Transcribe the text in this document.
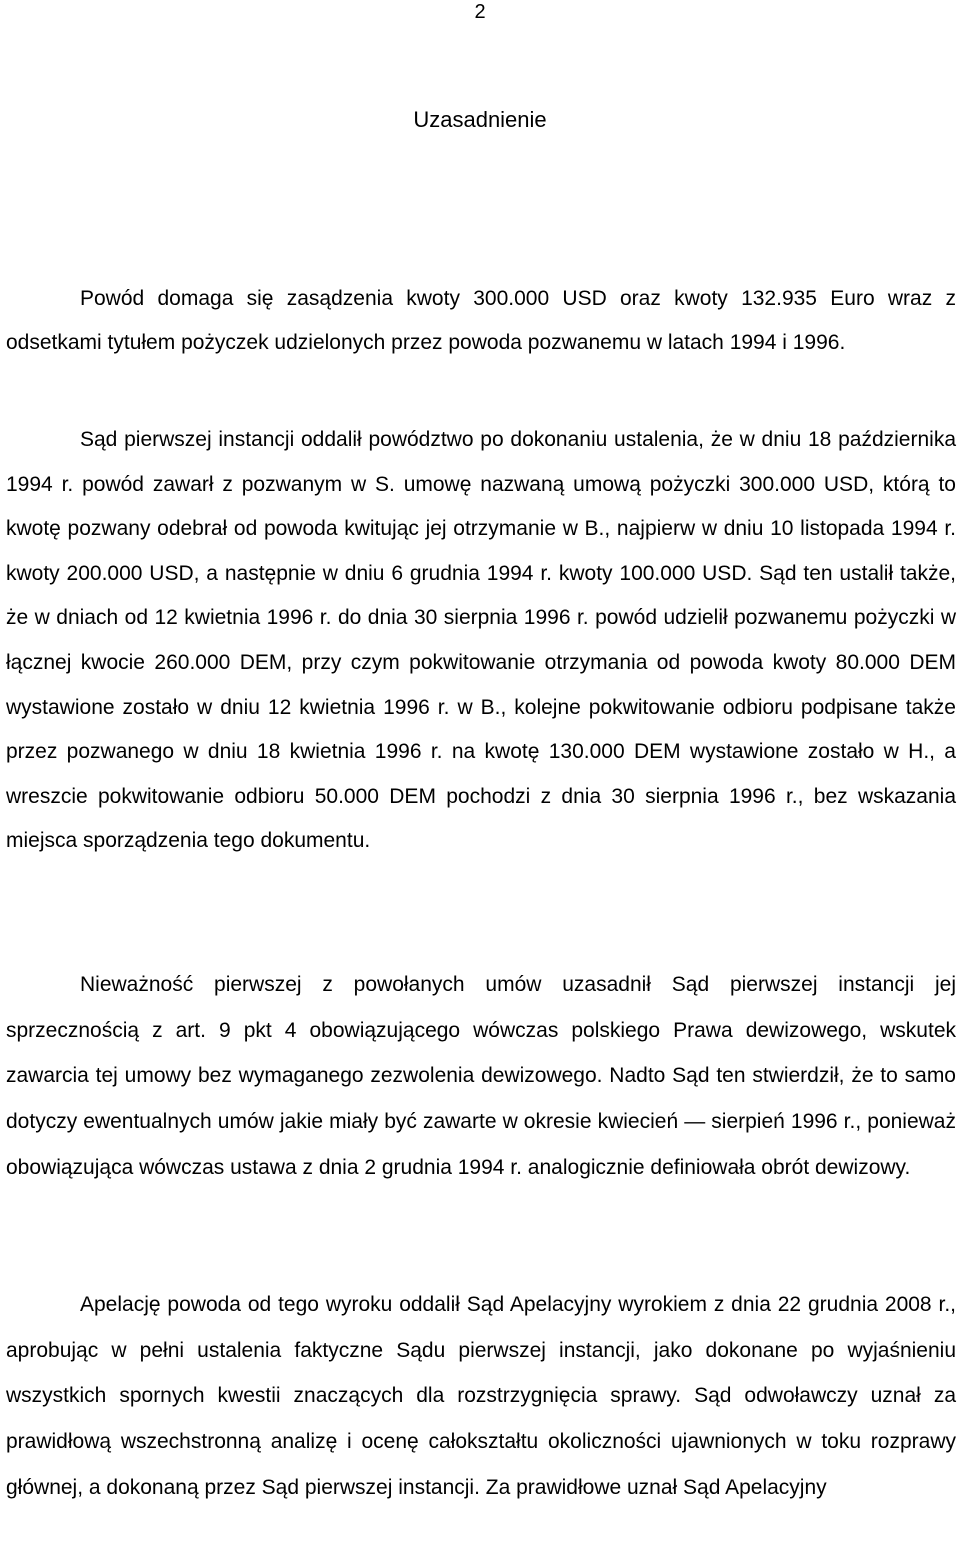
2
Uzasadnienie

Powód domaga się zasądzenia kwoty 300.000 USD oraz kwoty 132.935 Euro wraz z odsetkami tytułem pożyczek udzielonych przez powoda pozwanemu w latach 1994 i 1996.

Sąd pierwszej instancji oddalił powództwo po dokonaniu ustalenia, że w dniu 18 października 1994 r. powód zawarł z pozwanym w S. umowę nazwaną umową pożyczki 300.000 USD, którą to kwotę pozwany odebrał od powoda kwitując jej otrzymanie w B., najpierw w dniu 10 listopada 1994 r. kwoty 200.000 USD, a następnie w dniu 6 grudnia 1994 r. kwoty 100.000 USD. Sąd ten ustalił także, że w dniach od 12 kwietnia 1996 r. do dnia 30 sierpnia 1996 r. powód udzielił pozwanemu pożyczki w łącznej kwocie 260.000 DEM, przy czym pokwitowanie otrzymania od powoda kwoty 80.000 DEM wystawione zostało w dniu 12 kwietnia 1996 r. w B., kolejne pokwitowanie odbioru podpisane także przez pozwanego w dniu 18 kwietnia 1996 r. na kwotę 130.000 DEM wystawione zostało w H., a wreszcie pokwitowanie odbioru 50.000 DEM pochodzi z dnia 30 sierpnia 1996 r., bez wskazania miejsca sporządzenia tego dokumentu.

Nieważność pierwszej z powołanych umów uzasadnił Sąd pierwszej instancji jej sprzecznością z art. 9 pkt 4 obowiązującego wówczas polskiego Prawa dewizowego, wskutek zawarcia tej umowy bez wymaganego zezwolenia dewizowego. Nadto Sąd ten stwierdził, że to samo dotyczy ewentualnych umów jakie miały być zawarte w okresie kwiecień — sierpień 1996 r., ponieważ obowiązująca wówczas ustawa z dnia 2 grudnia 1994 r. analogicznie definiowała obrót dewizowy.

Apelację powoda od tego wyroku oddalił Sąd Apelacyjny wyrokiem z dnia 22 grudnia 2008 r., aprobując w pełni ustalenia faktyczne Sądu pierwszej instancji, jako dokonane po wyjaśnieniu wszystkich spornych kwestii znaczących dla rozstrzygnięcia sprawy. Sąd odwoławczy uznał za prawidłową wszechstronną analizę i ocenę całokształtu okoliczności ujawnionych w toku rozprawy głównej, a dokonaną przez Sąd pierwszej instancji. Za prawidłowe uznał Sąd Apelacyjny
